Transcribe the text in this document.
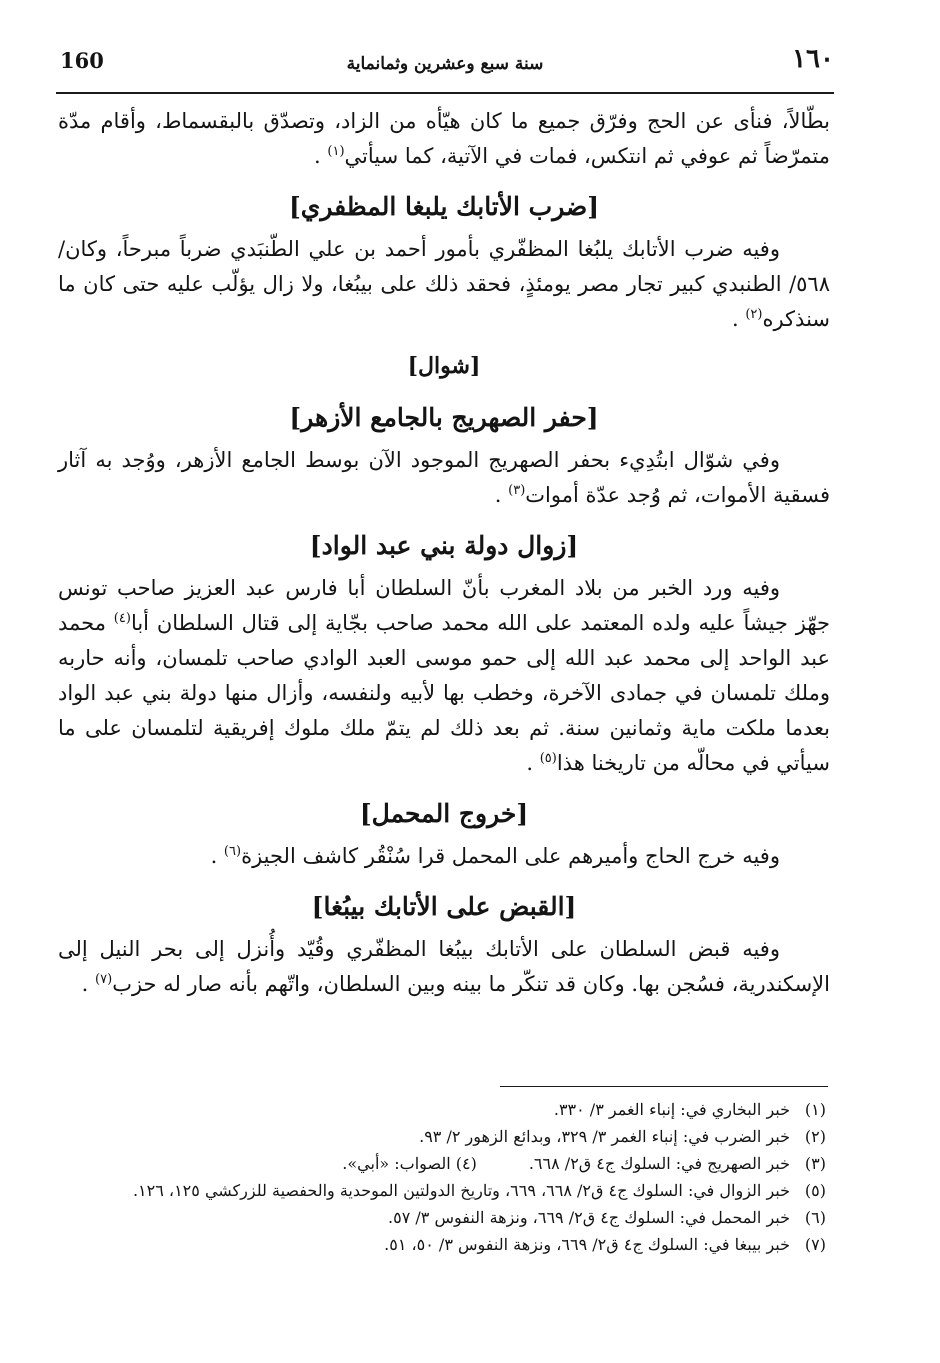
160	سنة سبع وعشرين وثمانماية	١٦٠

بطّالاً، فنأى عن الحج وفرّق جميع ما كان هيّأه من الزاد، وتصدّق بالبقسماط، وأقام مدّة متمرّضاً ثم عوفي ثم انتكس، فمات في الآتية، كما سيأتي$^{(١)}$ .

[ضرب الأتابك يلبغا المظفري]

وفيه ضرب الأتابك يلبُغا المظفّري بأمور أحمد بن علي الطّنبَدي ضرباً مبرحاً، وكان/ ٥٦٨/ الطنبدي كبير تجار مصر يومئذٍ، فحقد ذلك على بيبُغا، ولا زال يؤلّب عليه حتى كان ما سنذكره$^{(٢)}$ .

[شوال]
[حفر الصهريج بالجامع الأزهر]

وفي شوّال ابتُدِيء بحفر الصهريج الموجود الآن بوسط الجامع الأزهر، ووُجد به آثار فسقية الأموات، ثم وُجد عدّة أموات$^{(٣)}$ .

[زوال دولة بني عبد الواد]

وفيه ورد الخبر من بلاد المغرب بأنّ السلطان أبا فارس عبد العزيز صاحب تونس جهّز جيشاً عليه ولده المعتمد على الله محمد صاحب بجّاية إلى قتال السلطان أبا$^{(٤)}$ محمد عبد الواحد إلى محمد عبد الله إلى حمو موسى العبد الوادي صاحب تلمسان، وأنه حاربه وملك تلمسان في جمادى الآخرة، وخطب بها لأبيه ولنفسه، وأزال منها دولة بني عبد الواد بعدما ملكت ماية وثمانين سنة. ثم بعد ذلك لم يتمّ ملك ملوك إفريقية لتلمسان على ما سيأتي في محالّه من تاريخنا هذا$^{(٥)}$ .

[خروج المحمل]

وفيه خرج الحاج وأميرهم على المحمل قرا سُنْقُر كاشف الجيزة$^{(٦)}$ .

[القبض على الأتابك بيبُغا]

وفيه قبض السلطان على الأتابك بيبُغا المظفّري وقُيّد وأُنزل إلى بحر النيل إلى الإسكندرية، فسُجن بها. وكان قد تنكّر ما بينه وبين السلطان، واتّهم بأنه صار له حزب$^{(٧)}$ .

(١)
خبر البخاري في: إنباء الغمر ٣/ ٣٣٠.

(٢)
خبر الضرب في: إنباء الغمر ٣/ ٣٢٩، وبدائع الزهور ٢/ ٩٣.

(٣)
خبر الصهريج في: السلوك ج٤ ق٢/ ٦٦٨.(٤) الصواب: «أبي».

(٥)
خبر الزوال في: السلوك ج٤ ق٢/ ٦٦٨، ٦٦٩، وتاريخ الدولتين الموحدية والحفصية للزركشي ١٢٥، ١٢٦.

(٦)
خبر المحمل في: السلوك ج٤ ق٢/ ٦٦٩، ونزهة النفوس ٣/ ٥٧.

(٧)
خبر بيبغا في: السلوك ج٤ ق٢/ ٦٦٩، ونزهة النفوس ٣/ ٥٠، ٥١.
